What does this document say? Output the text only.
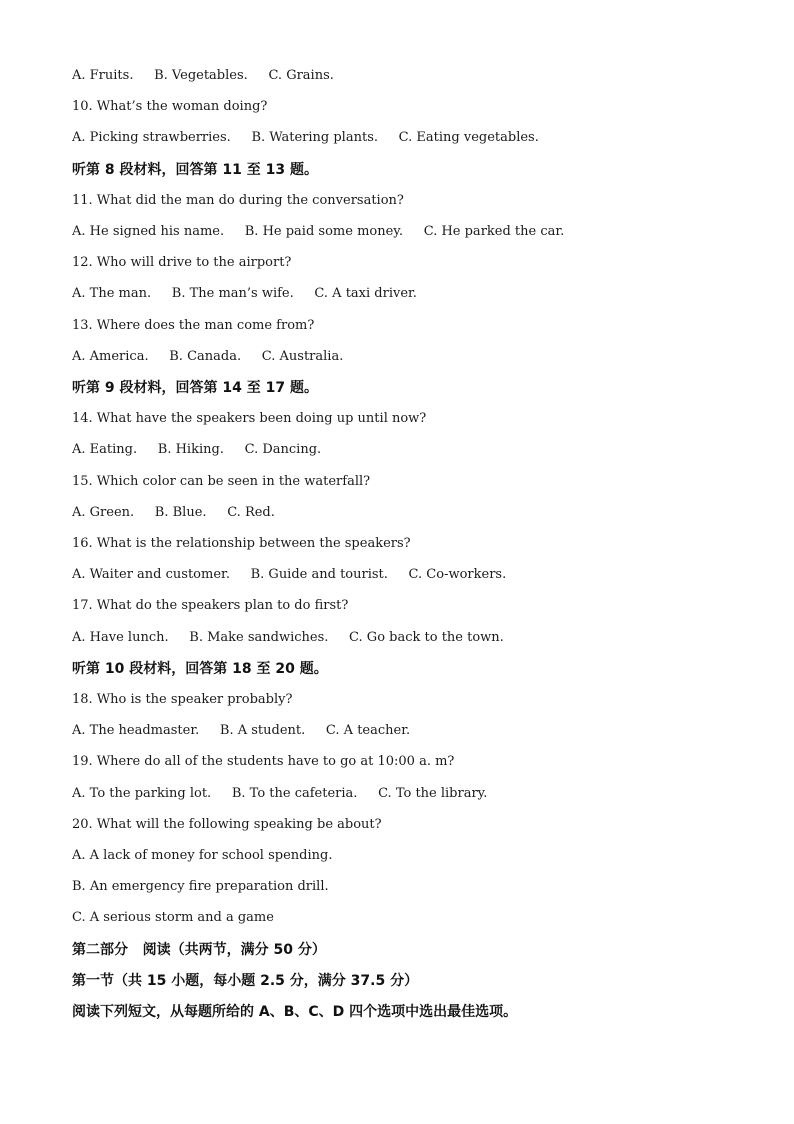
A. Fruits.     B. Vegetables.     C. Grains.
10. What’s the woman doing?
A. Picking strawberries.     B. Watering plants.     C. Eating vegetables.
听第 8 段材料，回答第 11 至 13 题。
11. What did the man do during the conversation?
A. He signed his name.     B. He paid some money.     C. He parked the car.
12. Who will drive to the airport?
A. The man.     B. The man’s wife.     C. A taxi driver.
13. Where does the man come from?
A. America.     B. Canada.     C. Australia.
听第 9 段材料，回答第 14 至 17 题。
14. What have the speakers been doing up until now?
A. Eating.     B. Hiking.     C. Dancing.
15. Which color can be seen in the waterfall?
A. Green.     B. Blue.     C. Red.
16. What is the relationship between the speakers?
A. Waiter and customer.     B. Guide and tourist.     C. Co-workers.
17. What do the speakers plan to do first?
A. Have lunch.     B. Make sandwiches.     C. Go back to the town.
听第 10 段材料，回答第 18 至 20 题。
18. Who is the speaker probably?
A. The headmaster.     B. A student.     C. A teacher.
19. Where do all of the students have to go at 10:00 a. m?
A. To the parking lot.     B. To the cafeteria.     C. To the library.
20. What will the following speaking be about?
A. A lack of money for school spending.
B. An emergency fire preparation drill.
C. A serious storm and a game
第二部分   阅读（共两节，满分 50 分）
第一节（共 15 小题，每小题 2.5 分，满分 37.5 分）
阅读下列短文，从每题所给的 A、B、C、D 四个选项中选出最佳选项。
